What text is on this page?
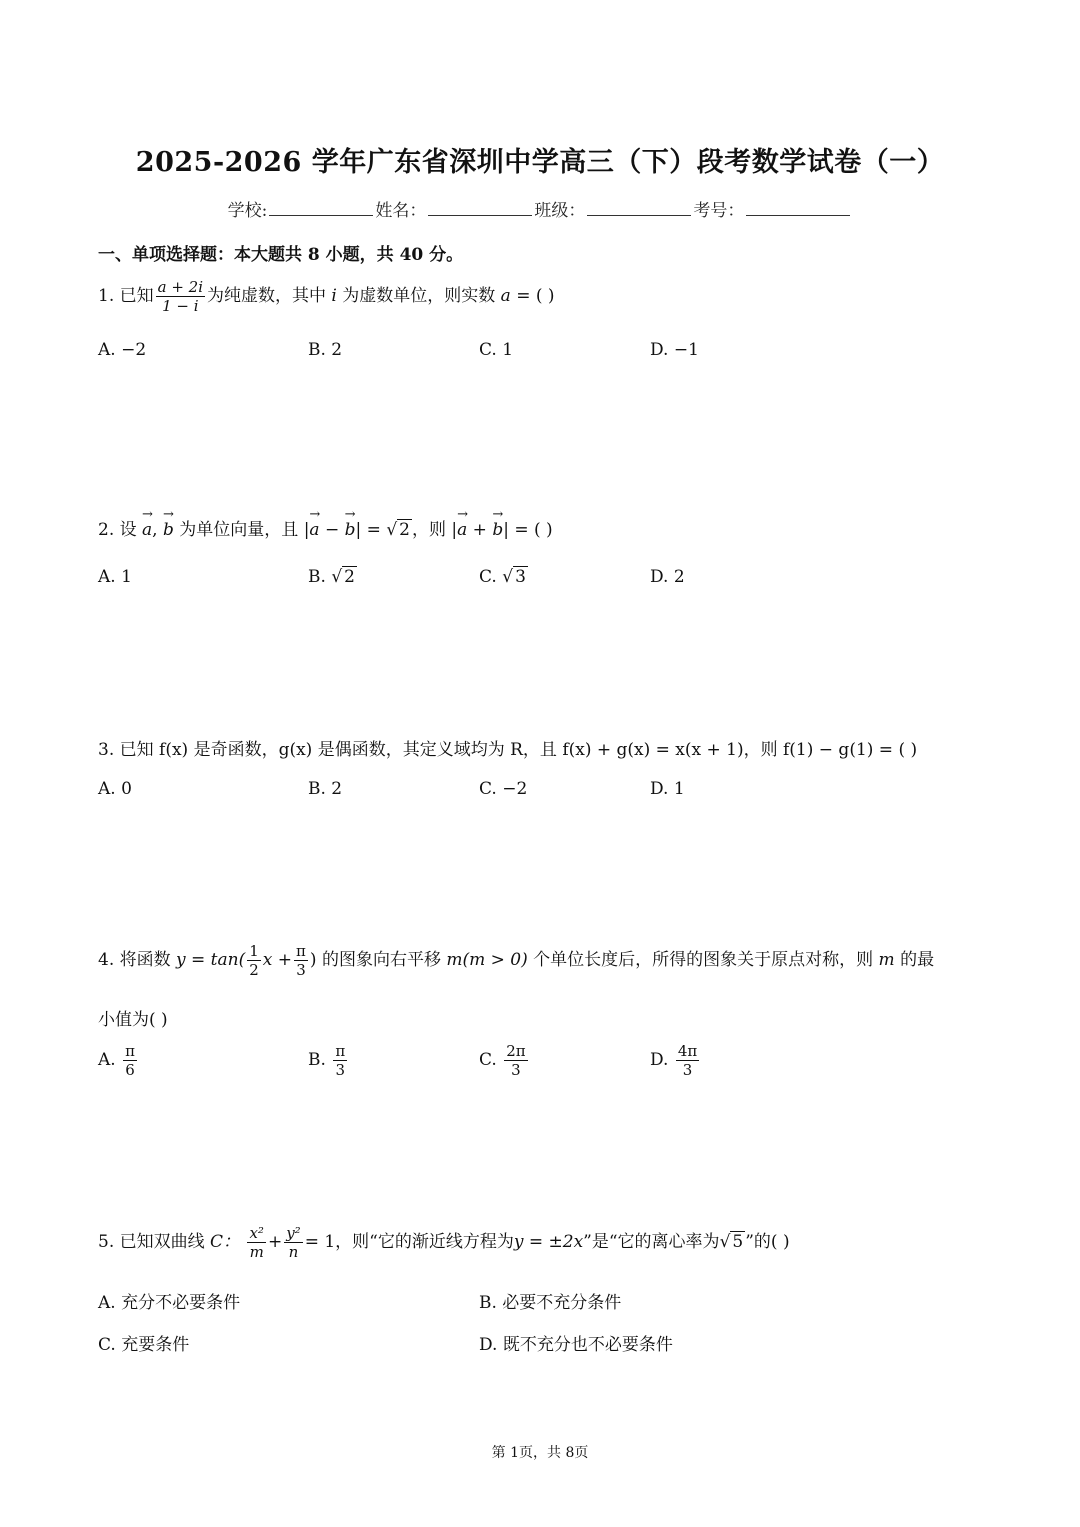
2025-2026 学年广东省深圳中学高三（下）段考数学试卷（一）
学校:	姓名：	班级：	考号：
一、单项选择题：本大题共 8 小题，共 40 分。
1. 已知 $\frac{a + 2i}{1 - i}$ 为纯虚数，其中 i 为虚数单位，则实数 a = ( )
A. −2	B. 2	C. 1	D. −1
2. 设 → a, → b 为单位向量，且 |→ a − → b| = √ 2 ，则 |→ a + → b| = ( )
A. 1	B. √ 2	C. √ 3	D. 2
3. 已知 f(x) 是奇函数，g(x) 是偶函数，其定义域均为 R，且 f(x) + g(x) = x(x + 1)，则 f(1) − g(1) = ( )
A. 0	B. 2	C. −2	D. 1
4. 将函数 $y = \tan( \frac{1}{2}$ $x + \frac{\pi}{3}$ ) 的图象向右平移 m(m > 0) 个单位长度后，所得的图象关于原点对称，则 m 的最
小值为( )
A. $\frac{\pi}{6}$	B. $\frac{\pi}{3}$	C. $\frac{2\pi}{3}$	D. $\frac{4\pi}{3}$
5. 已知双曲线 C： $\frac{\text{x²}}{m} + \frac{\text{y²}}{n} = 1$，则“它的渐近线方程为y = ±2x”是“它的离心率为√ 5 ”的( )
A. 充分不必要条件	B. 必要不充分条件
C. 充要条件	D. 既不充分也不必要条件
第 1页，共 8页
